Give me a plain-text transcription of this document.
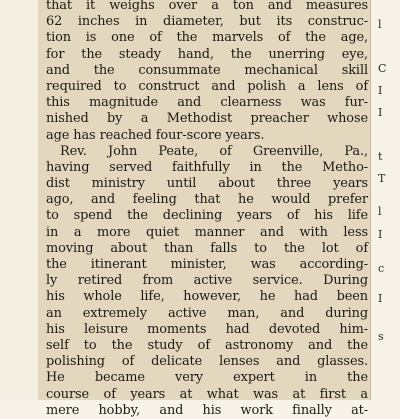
that it weighs over a ton and measures
62 inches in diameter, but its construc-
tion is one of the marvels of the age,
for the steady hand, the unerring eye,
and the consummate mechanical skill
required to construct and polish a lens of
this magnitude and clearness was fur-
nished by a Methodist preacher whose
age has reached four-score years.
Rev. John Peate, of Greenville, Pa.,
having served faithfully in the Metho-
dist ministry until about three years
ago, and feeling that he would prefer
to spend the declining years of his life
in a more quiet manner and with less
moving about than falls to the lot of
the itinerant minister, was according-
ly retired from active service. During
his whole life, however, he had been
an extremely active man, and during
his leisure moments had devoted him-
self to the study of astronomy and the
polishing of delicate lenses and glasses.
He became very expert in the
course of years at what was at first a
mere hobby, and his work finally at-
l
C
I
I
t
T
l
I
c
I
s
